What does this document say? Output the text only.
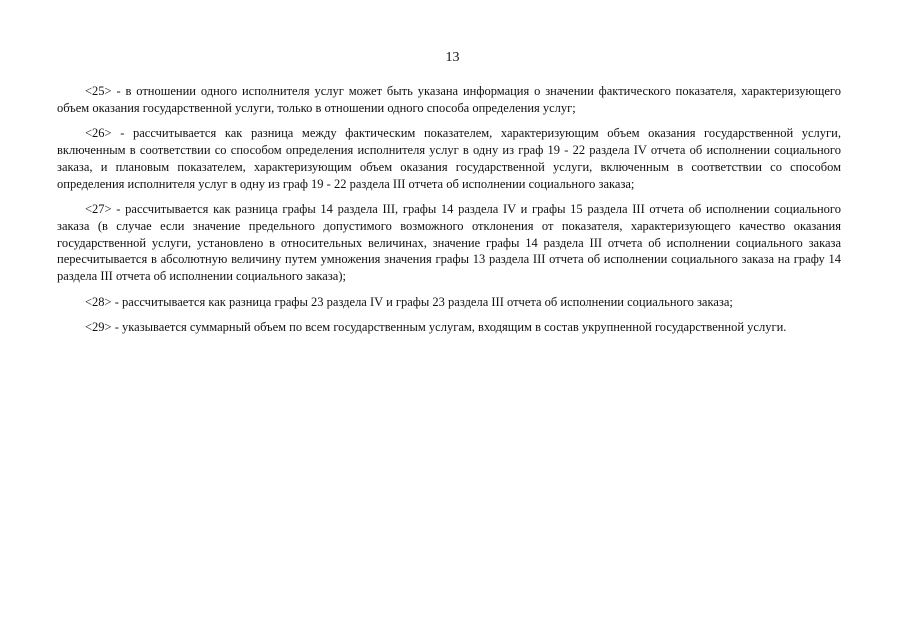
13

<25> - в отношении одного исполнителя услуг может быть указана информация о значении фактического показателя, характеризующего объем оказания государственной услуги, только в отношении одного способа определения услуг;

<26> - рассчитывается как разница между фактическим показателем, характеризующим объем оказания государственной услуги, включенным в соответствии со способом определения исполнителя услуг в одну из граф 19 - 22 раздела IV отчета об исполнении социального заказа, и плановым показателем, характеризующим объем оказания государственной услуги, включенным в соответствии со способом определения исполнителя услуг в одну из граф 19 - 22 раздела III отчета об исполнении социального заказа;

<27> - рассчитывается как разница графы 14 раздела III, графы 14 раздела IV и графы 15 раздела III отчета об исполнении социального заказа (в случае если значение предельного допустимого возможного отклонения от показателя, характеризующего качество оказания государственной услуги, установлено в относительных величинах, значение графы 14 раздела III отчета об исполнении социального заказа пересчитывается в абсолютную величину путем умножения значения графы 13 раздела III отчета об исполнении социального заказа на графу 14 раздела III отчета об исполнении социального заказа);

<28> - рассчитывается как разница графы 23 раздела IV и графы 23 раздела III отчета об исполнении социального заказа;

<29> - указывается суммарный объем по всем государственным услугам, входящим в состав укрупненной государственной услуги.
